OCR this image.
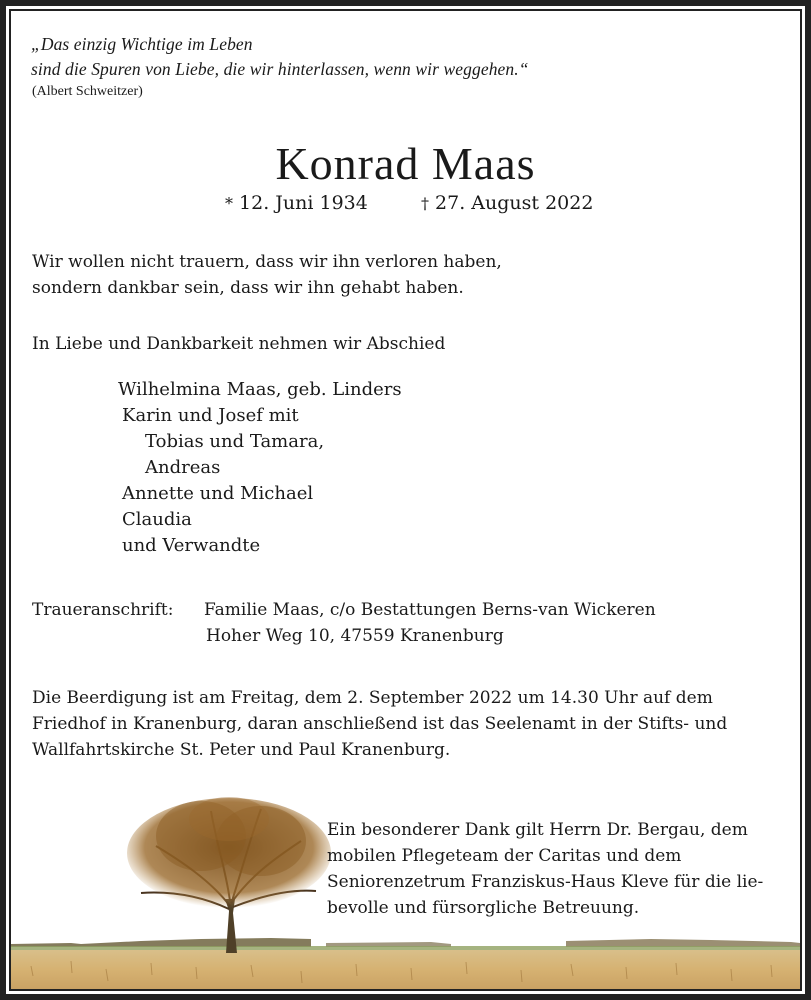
„Das einzig Wichtige im Leben
sind die Spuren von Liebe, die wir hinterlassen, wenn wir weggehen.“
(Albert Schweitzer)
Konrad Maas
* 12. Juni 1934	† 27. August 2022
Wir wollen nicht trauern, dass wir ihn verloren haben,
sondern dankbar sein, dass wir ihn gehabt haben.
In Liebe und Dankbarkeit nehmen wir Abschied
Wilhelmina Maas, geb. Linders
Karin und Josef mit
Tobias und Tamara,
Andreas
Annette und Michael
Claudia
und Verwandte
Traueranschrift: Familie Maas, c/o Bestattungen Berns-van Wickeren
Hoher Weg 10, 47559 Kranenburg
Die Beerdigung ist am Freitag, dem 2. September 2022 um 14.30 Uhr auf dem
Friedhof in Kranenburg, daran anschließend ist das Seelenamt in der Stifts- und
Wallfahrtskirche St. Peter und Paul Kranenburg.
Ein besonderer Dank gilt Herrn Dr. Bergau, dem
mobilen Pflegeteam der Caritas und dem
Seniorenzetrum Franziskus-Haus Kleve für die lie-
bevolle und fürsorgliche Betreuung.
